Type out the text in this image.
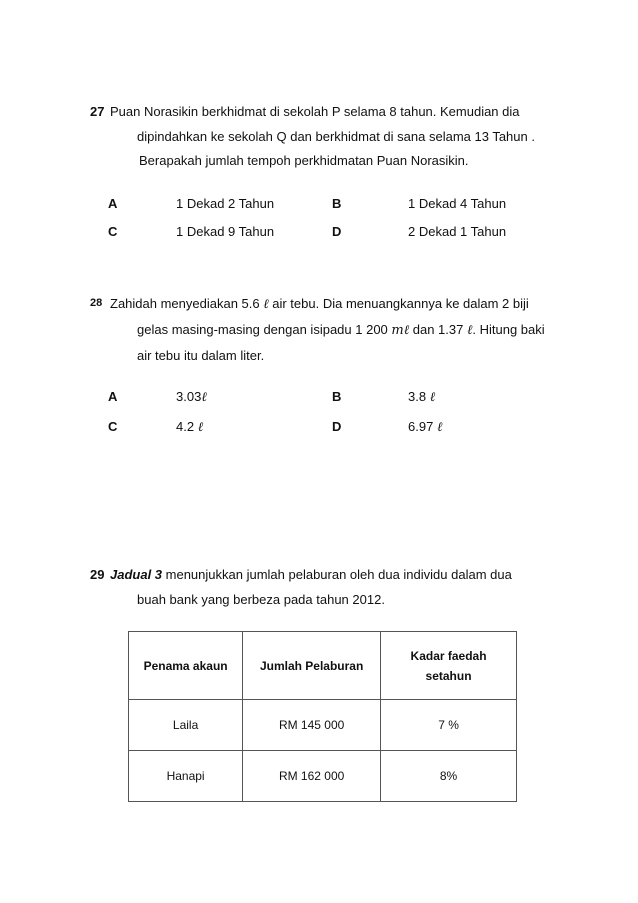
27 Puan Norasikin berkhidmat di sekolah P selama 8 tahun. Kemudian dia
dipindahkan ke sekolah Q dan berkhidmat di sana selama 13 Tahun .
Berapakah jumlah tempoh perkhidmatan Puan Norasikin.
A	1 Dekad 2 Tahun	B	1 Dekad 4 Tahun
C	1 Dekad 9 Tahun	D	2 Dekad 1 Tahun
28 Zahidah menyediakan 5.6 ℓ air tebu. Dia menuangkannya ke dalam 2 biji
gelas masing-masing dengan isipadu 1 200 mℓ dan 1.37 ℓ. Hitung baki
air tebu itu dalam liter.
A	3.03ℓ	B	3.8 ℓ
C	4.2 ℓ	D	6.97 ℓ
29 Jadual 3 menunjukkan jumlah pelaburan oleh dua individu dalam dua
buah bank yang berbeza pada tahun 2012.
Penama akaun	Jumlah Pelaburan	Kadar faedah setahun
Laila	RM 145 000	7 %
Hanapi	RM 162 000	8%
